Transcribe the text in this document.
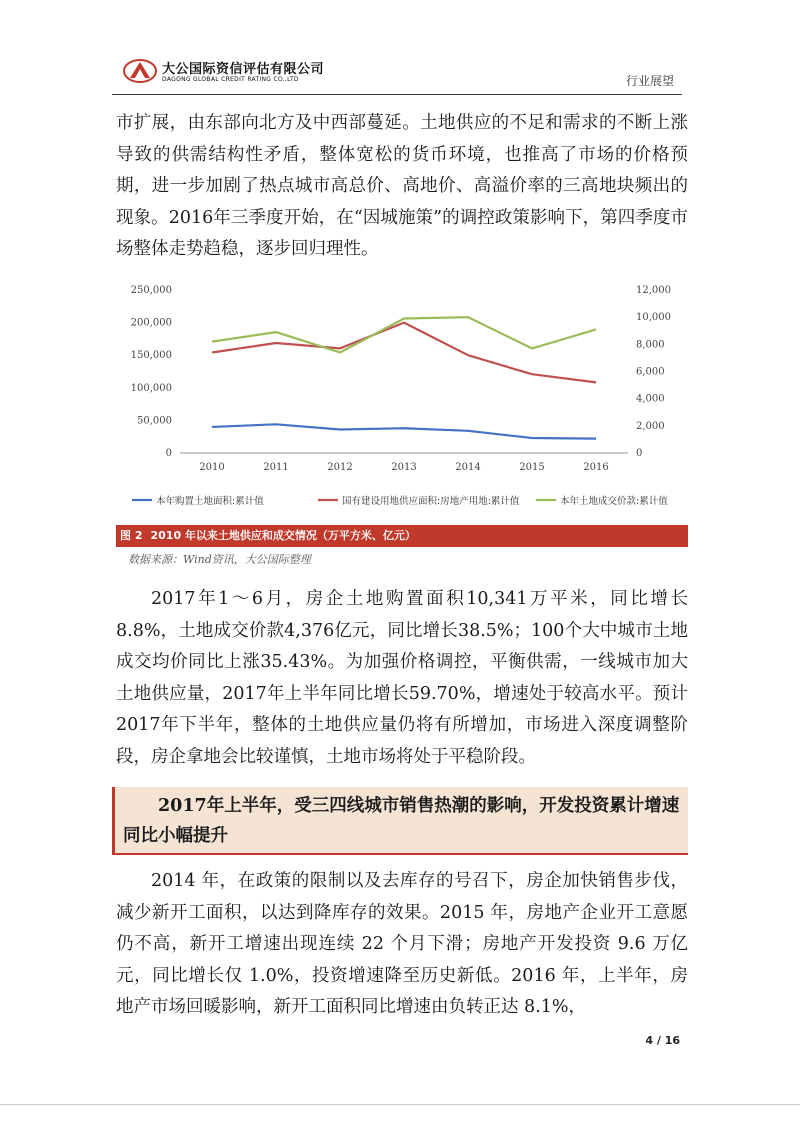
大公国际资信评估有限公司
DAGONG GLOBAL CREDIT RATING CO.,LTD	行业展望

市扩展，由东部向北方及中西部蔓延。土地供应的不足和需求的不断上涨导致的供需结构性矛盾，整体宽松的货币环境，也推高了市场的价格预期，进一步加剧了热点城市高总价、高地价、高溢价率的三高地块频出的现象。2016年三季度开始，在“因城施策”的调控政策影响下，第四季度市场整体走势趋稳，逐步回归理性。

250,000
200,000
150,000
100,000
50,000
0
12,000
10,000
8,000
6,000
4,000
2,000
0
2010	2011	2012	2013	2014	2015	2016
本年购置土地面积:累计值	国有建设用地供应面积:房地产用地:累计值	本年土地成交价款:累计值
图 2 2010 年以来土地供应和成交情况（万平方米、亿元）
数据来源：Wind资讯，大公国际整理

2017年1～6月，房企土地购置面积10,341万平米，同比增长8.8%，土地成交价款4,376亿元，同比增长38.5%；100个大中城市土地成交均价同比上涨35.43%。为加强价格调控，平衡供需，一线城市加大土地供应量，2017年上半年同比增长59.70%，增速处于较高水平。预计2017年下半年，整体的土地供应量仍将有所增加，市场进入深度调整阶段，房企拿地会比较谨慎，土地市场将处于平稳阶段。

2017年上半年，受三四线城市销售热潮的影响，开发投资累计增速同比小幅提升

2014 年，在政策的限制以及去库存的号召下，房企加快销售步伐，减少新开工面积，以达到降库存的效果。2015 年，房地产企业开工意愿仍不高，新开工增速出现连续 22 个月下滑；房地产开发投资 9.6 万亿元，同比增长仅 1.0%，投资增速降至历史新低。2016 年，上半年，房地产市场回暖影响，新开工面积同比增速由负转正达 8.1%，

4 / 16
